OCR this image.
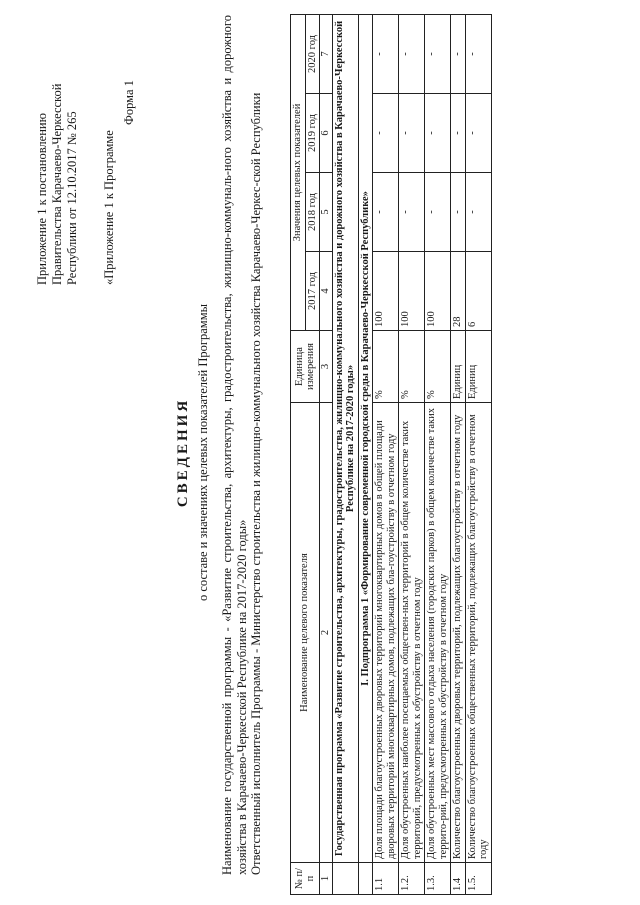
Приложение 1 к постановлению Правительства Карачаево-Черкесской Республики от 12.10.2017 № 265 «Приложение 1 к Программе
Форма 1
СВЕДЕНИЯ о составе и значениях целевых показателей Программы Наименование государственной программы - «Развитие строительства, архитектуры, градостроительства, жилищно-коммуналь-ного хозяйства и дорожного хозяйства в Карачаево-Черкесской Республике на 2017-2020 годы» Ответственный исполнитель Программы - Министерство строительства и жилищно-коммунального хозяйства Карачаево-Черкес-ской Республики
№ п/п	Наименование целевого показателя	Единица измерения	Значения целевых показателей			
			2017 год	2018 год	2019 год	2020 год
1	2	3	4	5	6	7
	Государственная программа «Развитие строительства, архитектуры, градостроительства, жилищно-коммунального хозяйства и дорожного хозяйства в Карачаево-Черкесской Республике на 2017-2020 годы»					
	I. Подпрограмма 1 «Формирование современной городской среды в Карачаево-Черкесской Республике»					
1.1	Доля площади благоустроенных дворовых территорий многоквартирных домов в общей площади дворовых территорий многоквартирных домов, подлежащих бла-гоустройству в отчетном году	%	100	-	-	-
1.2.	Доля обустроенных наиболее посещаемых обществен-ных территорий в общем количестве таких территорий, предусмотренных к обустройству в отчетном году	%	100	-	-	-
1.3.	Доля обустроенных мест массового отдыха населения (городских парков) в общем количестве таких террито-рий, предусмотренных к обустройству в отчетном году	%	100	-	-	-
1.4	Количество благоустроенных дворовых территорий, подлежащих благоустройству в отчетном году	Единиц	28	-	-	-
1.5.	Количество благоустроенных общественных территорий, подлежащих благоустройству в отчетном году	Единиц	6	-	-	-
